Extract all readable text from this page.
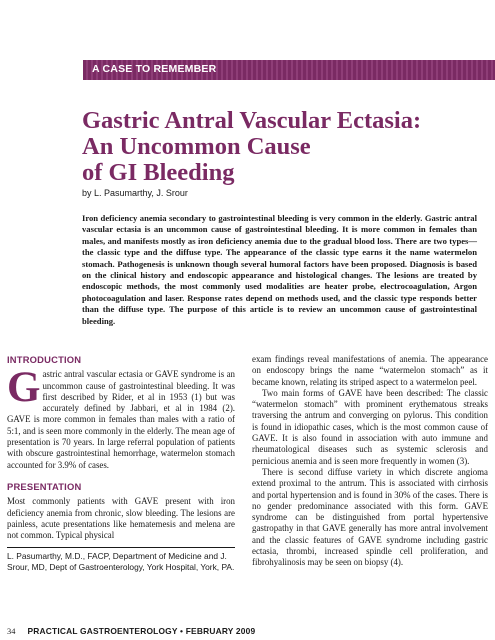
A CASE TO REMEMBER
Gastric Antral Vascular Ectasia:
An Uncommon Cause
of GI Bleeding
by L. Pasumarthy, J. Srour
Iron deficiency anemia secondary to gastrointestinal bleeding is very common in the elderly. Gastric antral vascular ectasia is an uncommon cause of gastrointestinal bleeding. It is more common in females than males, and manifests mostly as iron deficiency anemia due to the gradual blood loss. There are two types—the classic type and the diffuse type. The appearance of the classic type earns it the name watermelon stomach. Pathogenesis is unknown though several humoral factors have been proposed. Diagnosis is based on the clinical history and endoscopic appearance and histological changes. The lesions are treated by endoscopic methods, the most commonly used modalities are heater probe, electrocoagulation, Argon photocoagulation and laser. Response rates depend on methods used, and the classic type responds better than the diffuse type. The purpose of this article is to review an uncommon cause of gastrointestinal bleeding.
INTRODUCTION

Gastric antral vascular ectasia or GAVE syndrome is an uncommon cause of gastrointestinal bleeding. It was first described by Rider, et al in 1953 (1) but was accurately defined by Jabbari, et al in 1984 (2). GAVE is more common in females than males with a ratio of 5:1, and is seen more commonly in the elderly. The mean age of presentation is 70 years. In large referral population of patients with obscure gastrointestinal hemorrhage, watermelon stomach accounted for 3.9% of cases.

PRESENTATION

Most commonly patients with GAVE present with iron deficiency anemia from chronic, slow bleeding. The lesions are painless, acute presentations like hematemesis and melena are not common. Typical physical

L. Pasumarthy, M.D., FACP, Department of Medicine and J. Srour, MD, Dept of Gastroenterology, York Hospital, York, PA.

exam findings reveal manifestations of anemia. The appearance on endoscopy brings the name “watermelon stomach” as it became known, relating its striped aspect to a watermelon peel.

Two main forms of GAVE have been described: The classic “watermelon stomach” with prominent erythematous streaks traversing the antrum and converging on pylorus. This condition is found in idiopathic cases, which is the most common cause of GAVE. It is also found in association with auto immune and rheumatological diseases such as systemic sclerosis and pernicious anemia and is seen more frequently in women (3).

There is second diffuse variety in which discrete angioma extend proximal to the antrum. This is associated with cirrhosis and portal hypertension and is found in 30% of the cases. There is no gender predominance associated with this form. GAVE syndrome can be distinguished from portal hypertensive gastropathy in that GAVE generally has more antral involvement and the classic features of GAVE syndrome including gastric ectasia, thrombi, increased spindle cell proliferation, and fibrohyalinosis may be seen on biopsy (4).

34 PRACTICAL GASTROENTEROLOGY • FEBRUARY 2009
